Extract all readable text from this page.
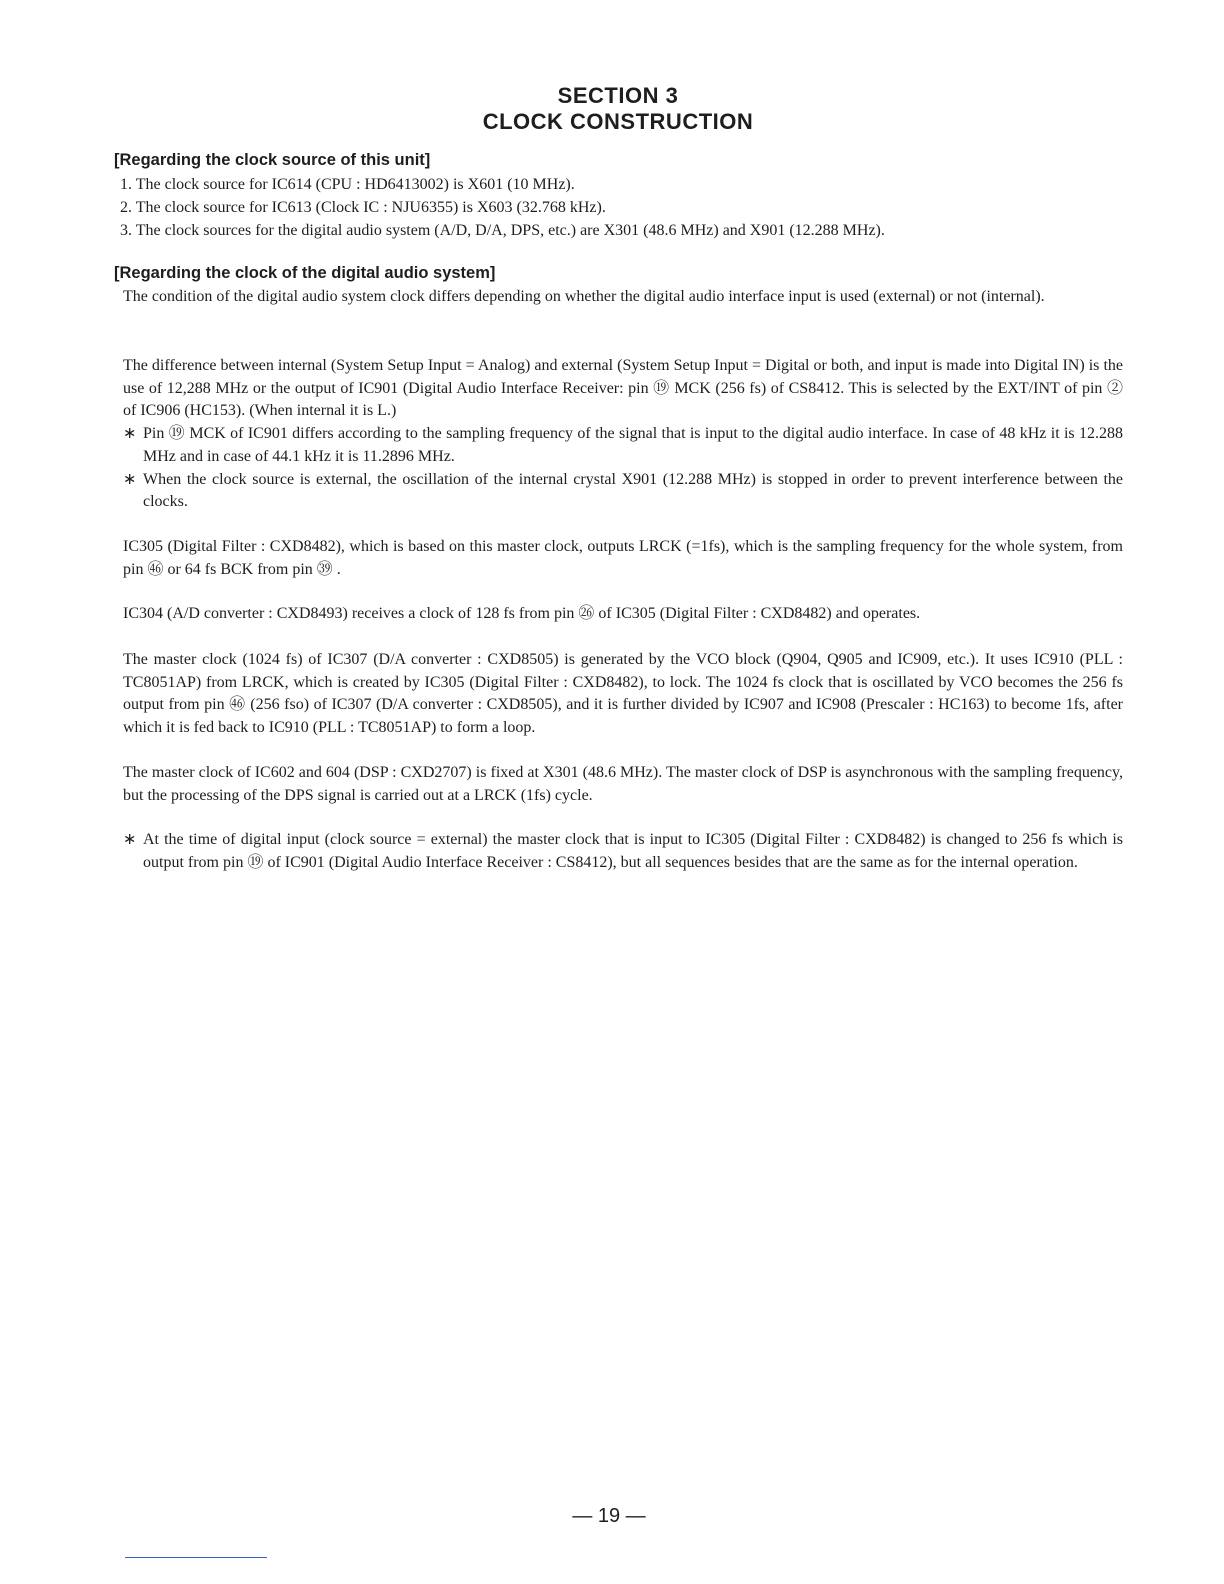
SECTION 3
CLOCK CONSTRUCTION
[Regarding the clock source of this unit]
1. The clock source for IC614 (CPU : HD6413002) is X601 (10 MHz).
2. The clock source for IC613 (Clock IC : NJU6355) is X603 (32.768 kHz).
3. The clock sources for the digital audio system (A/D, D/A, DPS, etc.) are X301 (48.6 MHz) and X901 (12.288 MHz).
[Regarding the clock of the digital audio system]

The condition of the digital audio system clock differs depending on whether the digital audio interface input is used (external) or not (internal).

The difference between internal (System Setup Input = Analog) and external (System Setup Input = Digital or both, and input is made into Digital IN) is the use of 12,288 MHz or the output of IC901 (Digital Audio Interface Receiver: pin ⑲ MCK (256 fs) of CS8412. This is selected by the EXT/INT of pin ② of IC906 (HC153). (When internal it is L.)

∗ Pin ⑲ MCK of IC901 differs according to the sampling frequency of the signal that is input to the digital audio interface. In case of 48 kHz it is 12.288 MHz and in case of 44.1 kHz it is 11.2896 MHz.
∗ When the clock source is external, the oscillation of the internal crystal X901 (12.288 MHz) is stopped in order to prevent interference between the clocks.

IC305 (Digital Filter : CXD8482), which is based on this master clock, outputs LRCK (=1fs), which is the sampling frequency for the whole system, from pin ㊻ or 64 fs BCK from pin ㊴ .

IC304 (A/D converter : CXD8493) receives a clock of 128 fs from pin ㉖ of IC305 (Digital Filter : CXD8482) and operates.

The master clock (1024 fs) of IC307 (D/A converter : CXD8505) is generated by the VCO block (Q904, Q905 and IC909, etc.). It uses IC910 (PLL : TC8051AP) from LRCK, which is created by IC305 (Digital Filter : CXD8482), to lock. The 1024 fs clock that is oscillated by VCO becomes the 256 fs output from pin ㊻ (256 fso) of IC307 (D/A converter : CXD8505), and it is further divided by IC907 and IC908 (Prescaler : HC163) to become 1fs, after which it is fed back to IC910 (PLL : TC8051AP) to form a loop.

The master clock of IC602 and 604 (DSP : CXD2707) is fixed at X301 (48.6 MHz). The master clock of DSP is asynchronous with the sampling frequency, but the processing of the DPS signal is carried out at a LRCK (1fs) cycle.

∗ At the time of digital input (clock source = external) the master clock that is input to IC305 (Digital Filter : CXD8482) is changed to 256 fs which is output from pin ⑲ of IC901 (Digital Audio Interface Receiver : CS8412), but all sequences besides that are the same as for the internal operation.
— 19 —
